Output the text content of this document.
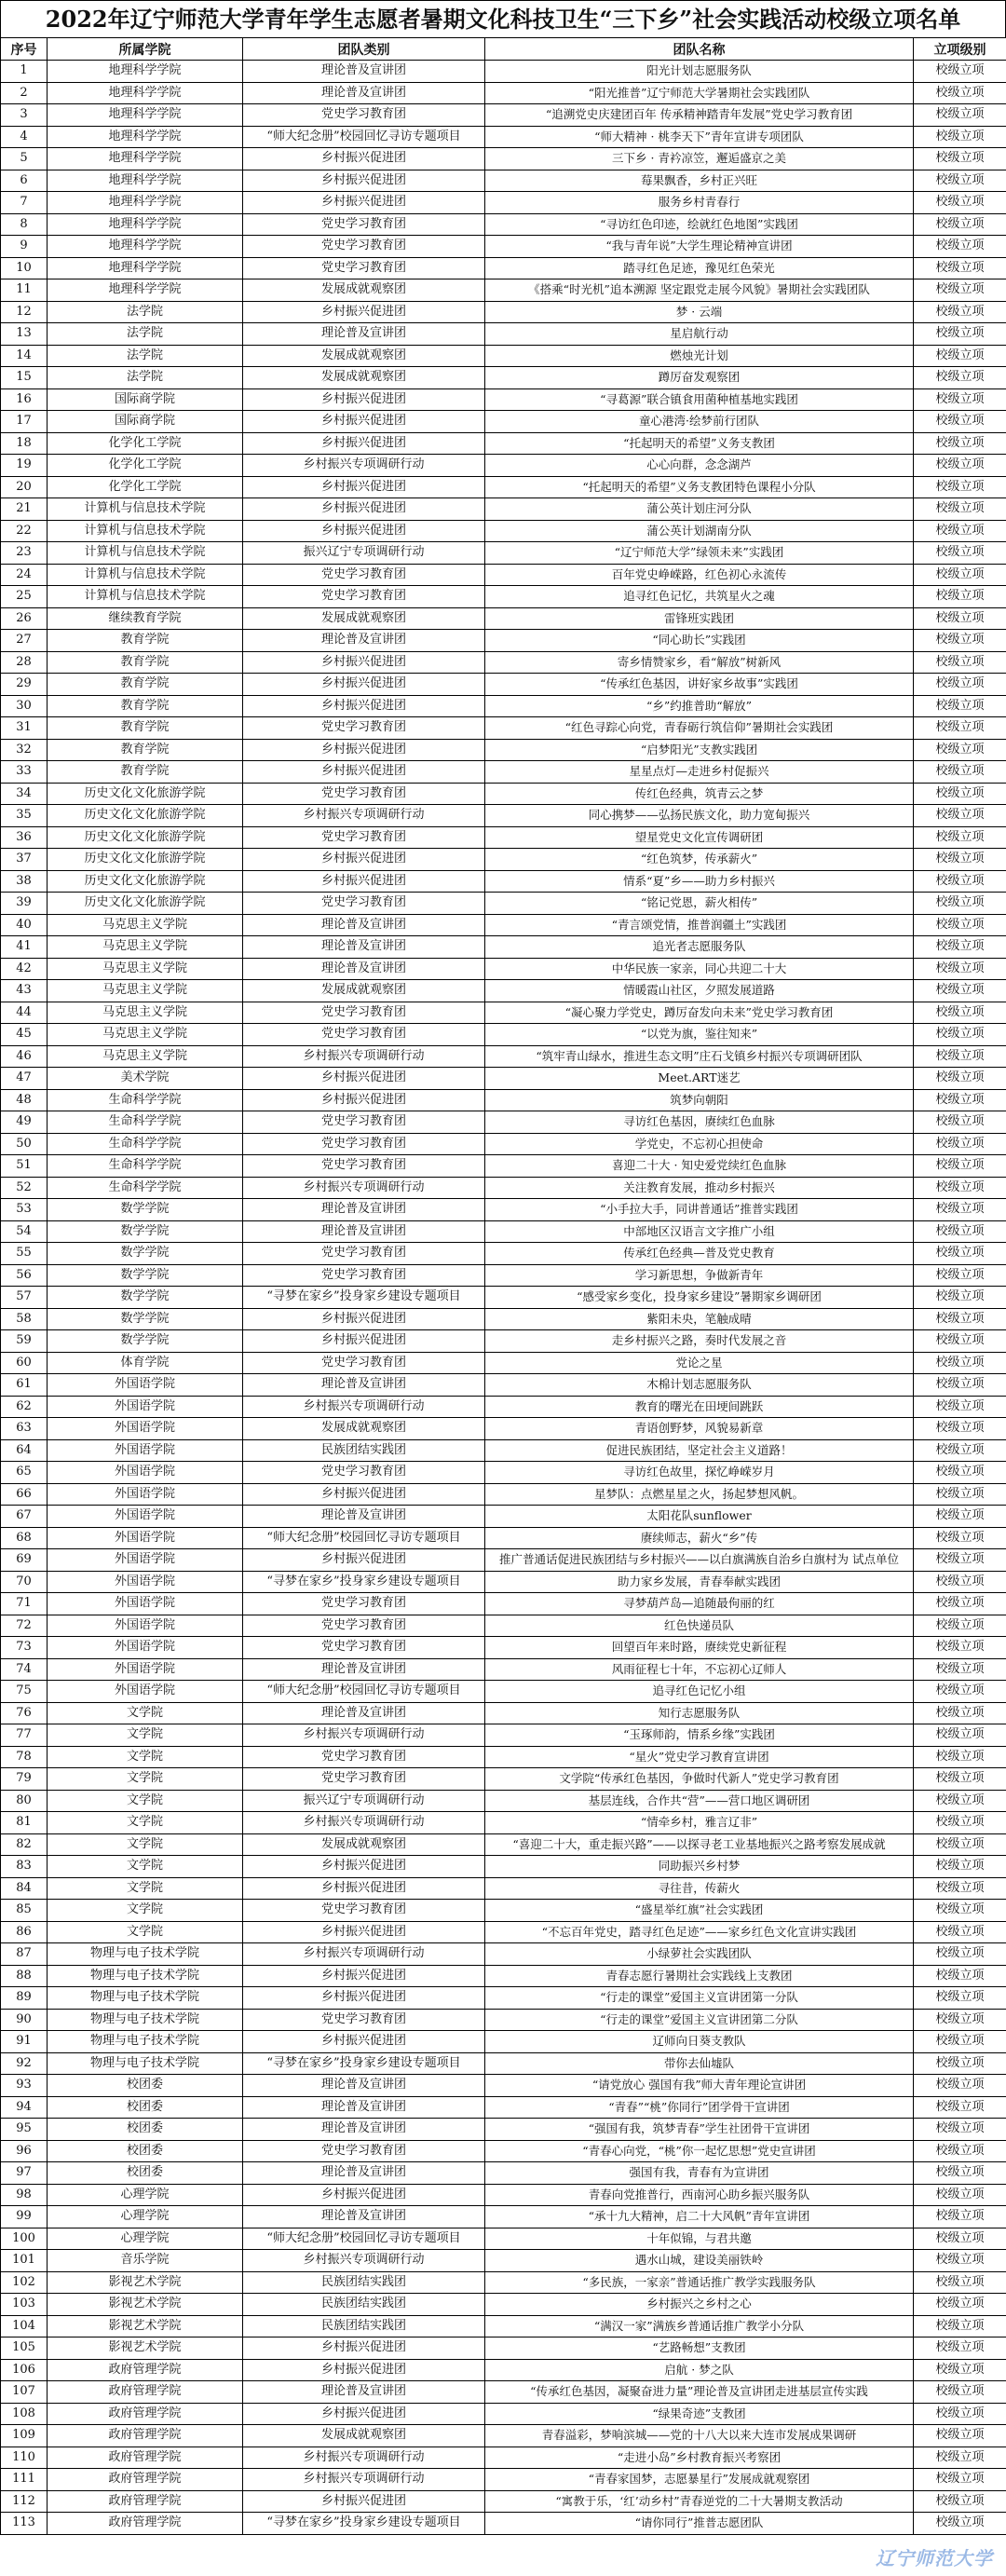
2022年辽宁师范大学青年学生志愿者暑期文化科技卫生“三下乡”社会实践活动校级立项名单
序号	所属学院	团队类别	团队名称	立项级别
1	地理科学学院	理论普及宣讲团	阳光计划志愿服务队	校级立项
2	地理科学学院	理论普及宣讲团	“阳光推普”辽宁师范大学暑期社会实践团队	校级立项
3	地理科学学院	党史学习教育团	“追溯党史庆建团百年 传承精神踏青年发展”党史学习教育团	校级立项
4	地理科学学院	“师大纪念册”校园回忆寻访专题项目	“师大精神 · 桃李天下”青年宣讲专项团队	校级立项
5	地理科学学院	乡村振兴促进团	三下乡 · 青衿凉笠，邂逅盛京之美	校级立项
6	地理科学学院	乡村振兴促进团	莓果飘香，乡村正兴旺	校级立项
7	地理科学学院	乡村振兴促进团	服务乡村青春行	校级立项
8	地理科学学院	党史学习教育团	“寻访红色印迹，绘就红色地图”实践团	校级立项
9	地理科学学院	党史学习教育团	“我与青年说”大学生理论精神宣讲团	校级立项
10	地理科学学院	党史学习教育团	踏寻红色足迹，豫见红色荣光	校级立项
11	地理科学学院	发展成就观察团	《搭乘“时光机”追本溯源 坚定跟党走展今风貌》暑期社会实践团队	校级立项
12	法学院	乡村振兴促进团	梦 · 云端	校级立项
13	法学院	理论普及宣讲团	星启航行动	校级立项
14	法学院	发展成就观察团	燃烛光计划	校级立项
15	法学院	发展成就观察团	蹲厉奋发观察团	校级立项
16	国际商学院	乡村振兴促进团	“寻葛源”联合镇食用菌种植基地实践团	校级立项
17	国际商学院	乡村振兴促进团	童心港湾·绘梦前行团队	校级立项
18	化学化工学院	乡村振兴促进团	“托起明天的希望”义务支教团	校级立项
19	化学化工学院	乡村振兴专项调研行动	心心向群，念念湖芦	校级立项
20	化学化工学院	乡村振兴促进团	“托起明天的希望”义务支教团特色课程小分队	校级立项
21	计算机与信息技术学院	乡村振兴促进团	蒲公英计划庄河分队	校级立项
22	计算机与信息技术学院	乡村振兴促进团	蒲公英计划湖南分队	校级立项
23	计算机与信息技术学院	振兴辽宁专项调研行动	“辽宁师范大学”绿领未来”实践团	校级立项
24	计算机与信息技术学院	党史学习教育团	百年党史峥嵘路，红色初心永流传	校级立项
25	计算机与信息技术学院	党史学习教育团	追寻红色记忆，共筑星火之魂	校级立项
26	继续教育学院	发展成就观察团	雷锋班实践团	校级立项
27	教育学院	理论普及宣讲团	“同心助长”实践团	校级立项
28	教育学院	乡村振兴促进团	寄乡情赞家乡，看“解放”树新风	校级立项
29	教育学院	乡村振兴促进团	“传承红色基因，讲好家乡故事”实践团	校级立项
30	教育学院	乡村振兴促进团	“乡”约推普助“解放”	校级立项
31	教育学院	党史学习教育团	“红色寻踪心向党，青春砺行筑信仰”暑期社会实践团	校级立项
32	教育学院	乡村振兴促进团	“启梦阳光”支教实践团	校级立项
33	教育学院	乡村振兴促进团	星星点灯—走进乡村促振兴	校级立项
34	历史文化文化旅游学院	党史学习教育团	传红色经典，筑青云之梦	校级立项
35	历史文化文化旅游学院	乡村振兴专项调研行动	同心携梦——弘扬民族文化，助力宽甸振兴	校级立项
36	历史文化文化旅游学院	党史学习教育团	望星党史文化宣传调研团	校级立项
37	历史文化文化旅游学院	乡村振兴促进团	“红色筑梦，传承薪火”	校级立项
38	历史文化文化旅游学院	乡村振兴促进团	情系“夏”乡——助力乡村振兴	校级立项
39	历史文化文化旅游学院	党史学习教育团	“铭记党恩，薪火相传”	校级立项
40	马克思主义学院	理论普及宣讲团	“青言颂党情，推普润疆土”实践团	校级立项
41	马克思主义学院	理论普及宣讲团	追光者志愿服务队	校级立项
42	马克思主义学院	理论普及宣讲团	中华民族一家亲，同心共迎二十大	校级立项
43	马克思主义学院	发展成就观察团	情暖霞山社区，夕照发展道路	校级立项
44	马克思主义学院	党史学习教育团	“凝心聚力学党史，蹲厉奋发向未来”党史学习教育团	校级立项
45	马克思主义学院	党史学习教育团	“以党为旗，鉴往知来”	校级立项
46	马克思主义学院	乡村振兴专项调研行动	“筑牢青山绿水，推进生态文明”庄石戈镇乡村振兴专项调研团队	校级立项
47	美术学院	乡村振兴促进团	Meet.ART迷艺	校级立项
48	生命科学学院	乡村振兴促进团	筑梦向朝阳	校级立项
49	生命科学学院	党史学习教育团	寻访红色基因，赓续红色血脉	校级立项
50	生命科学学院	党史学习教育团	学党史，不忘初心担使命	校级立项
51	生命科学学院	党史学习教育团	喜迎二十大 · 知史爱党续红色血脉	校级立项
52	生命科学学院	乡村振兴专项调研行动	关注教育发展，推动乡村振兴	校级立项
53	数学学院	理论普及宣讲团	“小手拉大手，同讲普通话”推普实践团	校级立项
54	数学学院	理论普及宣讲团	中部地区汉语言文字推广小组	校级立项
55	数学学院	党史学习教育团	传承红色经典—普及党史教育	校级立项
56	数学学院	党史学习教育团	学习新思想，争做新青年	校级立项
57	数学学院	“寻梦在家乡”投身家乡建设专题项目	“感受家乡变化，投身家乡建设”暑期家乡调研团	校级立项
58	数学学院	乡村振兴促进团	紫阳未央，笔触成晴	校级立项
59	数学学院	乡村振兴促进团	走乡村振兴之路，奏时代发展之音	校级立项
60	体育学院	党史学习教育团	党论之星	校级立项
61	外国语学院	理论普及宣讲团	木棉计划志愿服务队	校级立项
62	外国语学院	乡村振兴专项调研行动	教育的曙光在田埂间跳跃	校级立项
63	外国语学院	发展成就观察团	青语创野梦，风貌易新章	校级立项
64	外国语学院	民族团结实践团	促进民族团结，坚定社会主义道路！	校级立项
65	外国语学院	党史学习教育团	寻访红色故里，探忆峥嵘岁月	校级立项
66	外国语学院	乡村振兴促进团	星梦队：点燃星星之火，扬起梦想风帆。	校级立项
67	外国语学院	理论普及宣讲团	太阳花队sunflower	校级立项
68	外国语学院	“师大纪念册”校园回忆寻访专题项目	赓续师志，薪火“乡”传	校级立项
69	外国语学院	乡村振兴促进团	推广普通话促进民族团结与乡村振兴——以白旗满族自治乡白旗村为 试点单位	校级立项
70	外国语学院	“寻梦在家乡”投身家乡建设专题项目	助力家乡发展，青春奉献实践团	校级立项
71	外国语学院	党史学习教育团	寻梦葫芦岛—追随最佝丽的红	校级立项
72	外国语学院	党史学习教育团	红色快递员队	校级立项
73	外国语学院	党史学习教育团	回望百年来时路，赓续党史新征程	校级立项
74	外国语学院	理论普及宣讲团	风雨征程七十年，不忘初心辽师人	校级立项
75	外国语学院	“师大纪念册”校园回忆寻访专题项目	追寻红色记忆小组	校级立项
76	文学院	理论普及宣讲团	知行志愿服务队	校级立项
77	文学院	乡村振兴专项调研行动	“玉琢师韵，情系乡缘”实践团	校级立项
78	文学院	党史学习教育团	“星火”党史学习教育宣讲团	校级立项
79	文学院	党史学习教育团	文学院“传承红色基因，争做时代新人”党史学习教育团	校级立项
80	文学院	振兴辽宁专项调研行动	基层连线，合作共“营”——营口地区调研团	校级立项
81	文学院	乡村振兴专项调研行动	“情牵乡村，雅言辽非”	校级立项
82	文学院	发展成就观察团	“喜迎二十大，重走振兴路”——以探寻老工业基地振兴之路考察发展成就	校级立项
83	文学院	乡村振兴促进团	同助振兴乡村梦	校级立项
84	文学院	乡村振兴促进团	寻往昔，传薪火	校级立项
85	文学院	党史学习教育团	“盛星举红旗”社会实践团	校级立项
86	文学院	乡村振兴促进团	“不忘百年党史，踏寻红色足迹”——家乡红色文化宣讲实践团	校级立项
87	物理与电子技术学院	乡村振兴专项调研行动	小绿萝社会实践团队	校级立项
88	物理与电子技术学院	乡村振兴促进团	青春志愿行暑期社会实践线上支教团	校级立项
89	物理与电子技术学院	乡村振兴促进团	“行走的课堂”爱国主义宣讲团第一分队	校级立项
90	物理与电子技术学院	党史学习教育团	“行走的课堂”爱国主义宣讲团第二分队	校级立项
91	物理与电子技术学院	乡村振兴促进团	辽师向日葵支教队	校级立项
92	物理与电子技术学院	“寻梦在家乡”投身家乡建设专题项目	带你去仙墟队	校级立项
93	校团委	理论普及宣讲团	“请党放心 强国有我”师大青年理论宣讲团	校级立项
94	校团委	理论普及宣讲团	“青春”“桃”你同行”团学骨干宣讲团	校级立项
95	校团委	理论普及宣讲团	“强国有我，筑梦青春”学生社团骨干宣讲团	校级立项
96	校团委	党史学习教育团	“青春心向党，“桃”你一起忆思想”党史宣讲团	校级立项
97	校团委	理论普及宣讲团	强国有我，青春有为宣讲团	校级立项
98	心理学院	乡村振兴促进团	青春向党推普行，西南河心助乡振兴服务队	校级立项
99	心理学院	理论普及宣讲团	“承十九大精神，启二十大风帆”青年宣讲团	校级立项
100	心理学院	“师大纪念册”校园回忆寻访专题项目	十年似锦，与君共邀	校级立项
101	音乐学院	乡村振兴专项调研行动	遇水山城，建设美丽铁岭	校级立项
102	影视艺术学院	民族团结实践团	“多民族，一家亲”普通话推广教学实践服务队	校级立项
103	影视艺术学院	民族团结实践团	乡村振兴之乡村之心	校级立项
104	影视艺术学院	民族团结实践团	“满汉一家”满族乡普通话推广教学小分队	校级立项
105	影视艺术学院	乡村振兴促进团	“艺路畅想”支教团	校级立项
106	政府管理学院	乡村振兴促进团	启航 · 梦之队	校级立项
107	政府管理学院	理论普及宣讲团	“传承红色基因，凝聚奋进力量”理论普及宣讲团走进基层宣传实践	校级立项
108	政府管理学院	乡村振兴促进团	“绿果奇迹”支教团	校级立项
109	政府管理学院	发展成就观察团	青春溢彩，梦响滨城——党的十八大以来大连市发展成果调研	校级立项
110	政府管理学院	乡村振兴专项调研行动	“走进小岛”乡村教育振兴考察团	校级立项
111	政府管理学院	乡村振兴专项调研行动	“青春家国梦，志愿暴星行”发展成就观察团	校级立项
112	政府管理学院	乡村振兴促进团	“寓教于乐，‘红’动乡村”青春逆党的二十大暑期支教活动	校级立项
113	政府管理学院	“寻梦在家乡”投身家乡建设专题项目	“请你同行”推普志愿团队	校级立项
辽宁师范大学
